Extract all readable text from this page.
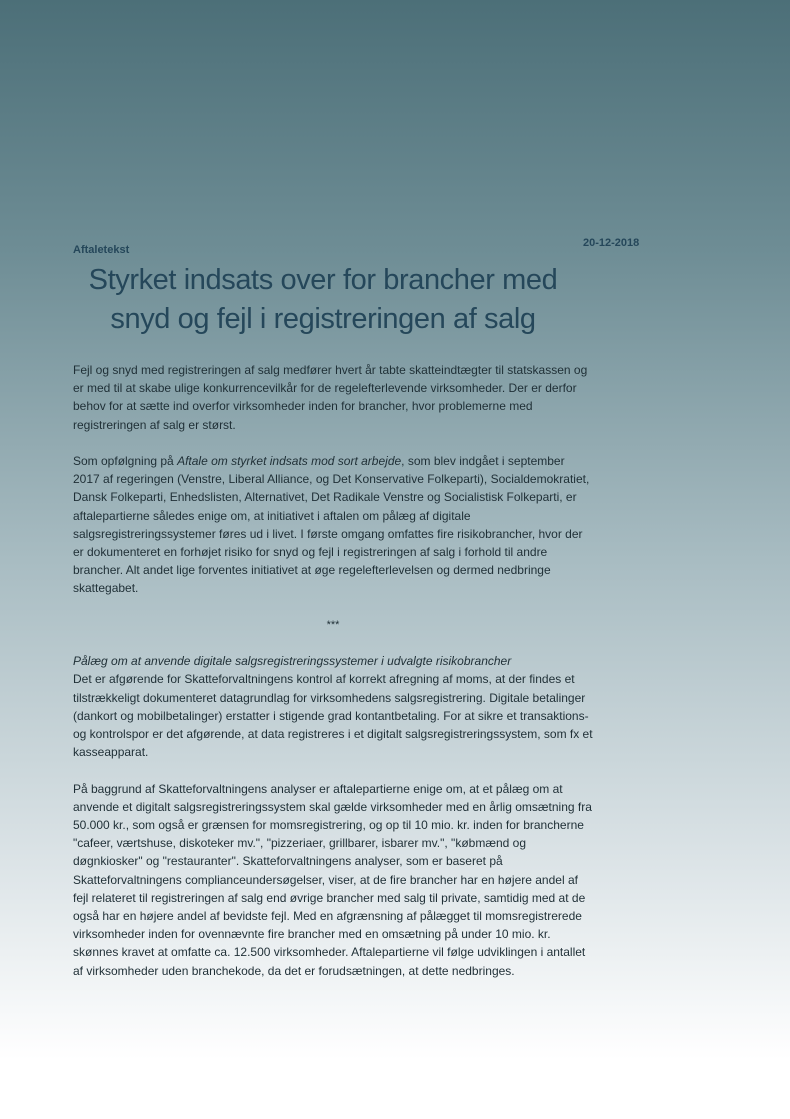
Aftaletekst
20-12-2018
Styrket indsats over for brancher med snyd og fejl i registreringen af salg

Fejl og snyd med registreringen af salg medfører hvert år tabte skatteindtægter til statskassen og er med til at skabe ulige konkurrencevilkår for de regelefterlevende virksomheder. Der er derfor behov for at sætte ind overfor virksomheder inden for brancher, hvor problemerne med registreringen af salg er størst.

Som opfølgning på Aftale om styrket indsats mod sort arbejde, som blev indgået i september 2017 af regeringen (Venstre, Liberal Alliance, og Det Konservative Folkeparti), Socialdemokratiet, Dansk Folkeparti, Enhedslisten, Alternativet, Det Radikale Venstre og Socialistisk Folkeparti, er aftalepartierne således enige om, at initiativet i aftalen om pålæg af digitale salgsregistreringssystemer føres ud i livet. I første omgang omfattes fire risikobrancher, hvor der er dokumenteret en forhøjet risiko for snyd og fejl i registreringen af salg i forhold til andre brancher. Alt andet lige forventes initiativet at øge regelefterlevelsen og dermed nedbringe skattegabet.

***

Pålæg om at anvende digitale salgsregistreringssystemer i udvalgte risikobrancher
Det er afgørende for Skatteforvaltningens kontrol af korrekt afregning af moms, at der findes et tilstrækkeligt dokumenteret datagrundlag for virksomhedens salgsregistrering. Digitale betalinger (dankort og mobilbetalinger) erstatter i stigende grad kontantbetaling. For at sikre et transaktions- og kontrolspor er det afgørende, at data registreres i et digitalt salgsregistreringssystem, som fx et kasseapparat.

På baggrund af Skatteforvaltningens analyser er aftalepartierne enige om, at et pålæg om at anvende et digitalt salgsregistreringssystem skal gælde virksomheder med en årlig omsætning fra 50.000 kr., som også er grænsen for momsregistrering, og op til 10 mio. kr. inden for brancherne "cafeer, værtshuse, diskoteker mv.", "pizzeriaer, grillbarer, isbarer mv.", "købmænd og døgnkiosker" og "restauranter". Skatteforvaltningens analyser, som er baseret på Skatteforvaltningens complianceundersøgelser, viser, at de fire brancher har en højere andel af fejl relateret til registreringen af salg end øvrige brancher med salg til private, samtidig med at de også har en højere andel af bevidste fejl. Med en afgrænsning af pålægget til momsregistrerede virksomheder inden for ovennævnte fire brancher med en omsætning på under 10 mio. kr. skønnes kravet at omfatte ca. 12.500 virksomheder. Aftalepartierne vil følge udviklingen i antallet af virksomheder uden branchekode, da det er forudsætningen, at dette nedbringes.
